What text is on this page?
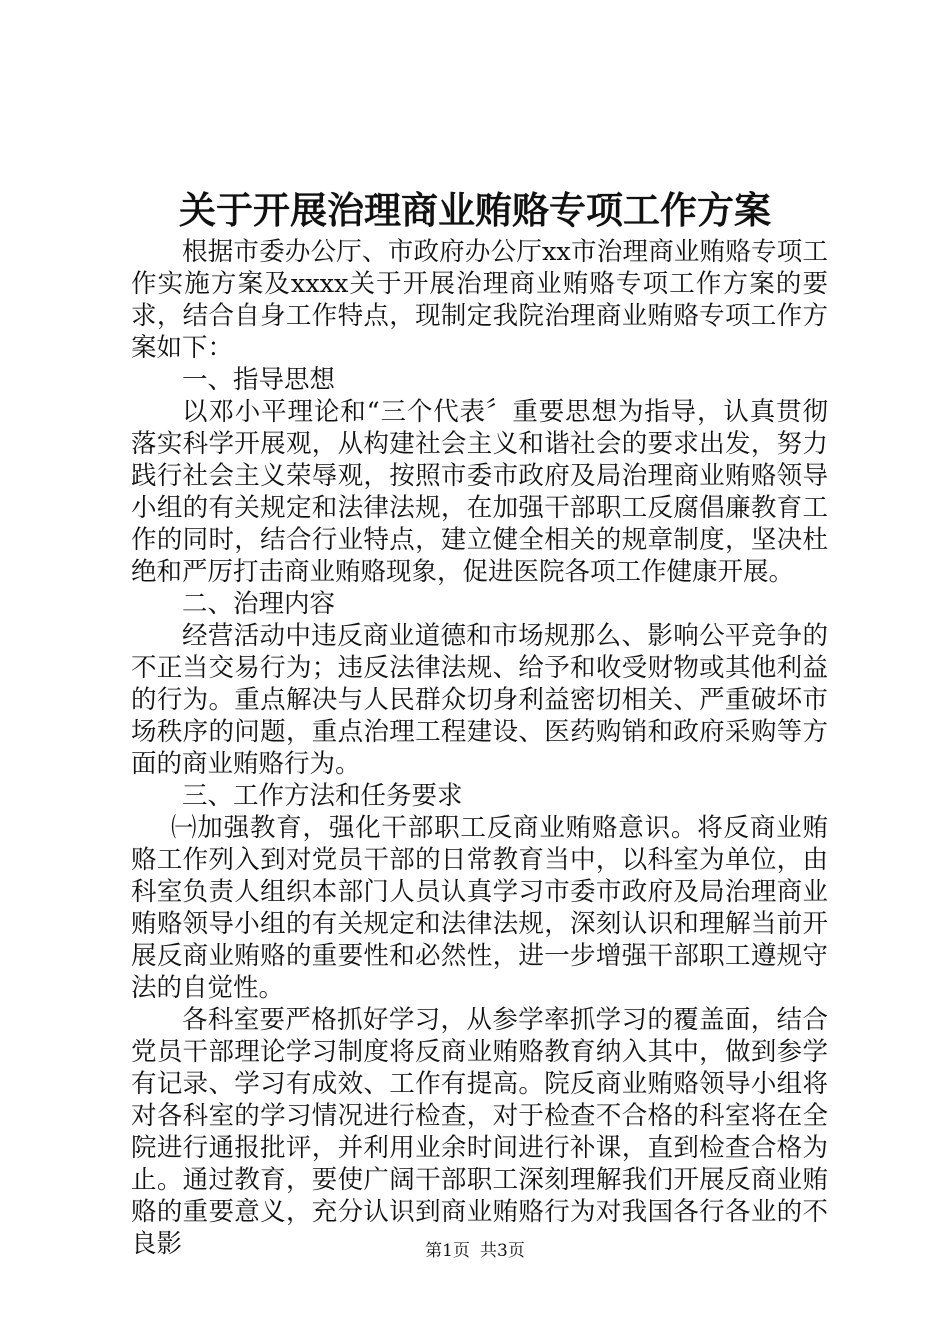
关于开展治理商业贿赂专项工作方案

根据市委办公厅、市政府办公厅xx市治理商业贿赂专项工作实施方案及xxxx关于开展治理商业贿赂专项工作方案的要求，结合自身工作特点，现制定我院治理商业贿赂专项工作方案如下：

一、指导思想

以邓小平理论和“三个代表〞重要思想为指导，认真贯彻落实科学开展观，从构建社会主义和谐社会的要求出发，努力践行社会主义荣辱观，按照市委市政府及局治理商业贿赂领导小组的有关规定和法律法规，在加强干部职工反腐倡廉教育工作的同时，结合行业特点，建立健全相关的规章制度，坚决杜绝和严厉打击商业贿赂现象，促进医院各项工作健康开展。

二、治理内容

经营活动中违反商业道德和市场规那么、影响公平竞争的不正当交易行为；违反法律法规、给予和收受财物或其他利益的行为。重点解决与人民群众切身利益密切相关、严重破坏市场秩序的问题，重点治理工程建设、医药购销和政府采购等方面的商业贿赂行为。

三、工作方法和任务要求

㈠加强教育，强化干部职工反商业贿赂意识。将反商业贿赂工作列入到对党员干部的日常教育当中，以科室为单位，由科室负责人组织本部门人员认真学习市委市政府及局治理商业贿赂领导小组的有关规定和法律法规，深刻认识和理解当前开展反商业贿赂的重要性和必然性，进一步增强干部职工遵规守法的自觉性。

各科室要严格抓好学习，从参学率抓学习的覆盖面，结合党员干部理论学习制度将反商业贿赂教育纳入其中，做到参学有记录、学习有成效、工作有提高。院反商业贿赂领导小组将对各科室的学习情况进行检查，对于检查不合格的科室将在全院进行通报批评，并利用业余时间进行补课，直到检查合格为止。通过教育，要使广阔干部职工深刻理解我们开展反商业贿赂的重要意义，充分认识到商业贿赂行为对我国各行各业的不良影	第1页 共3页
